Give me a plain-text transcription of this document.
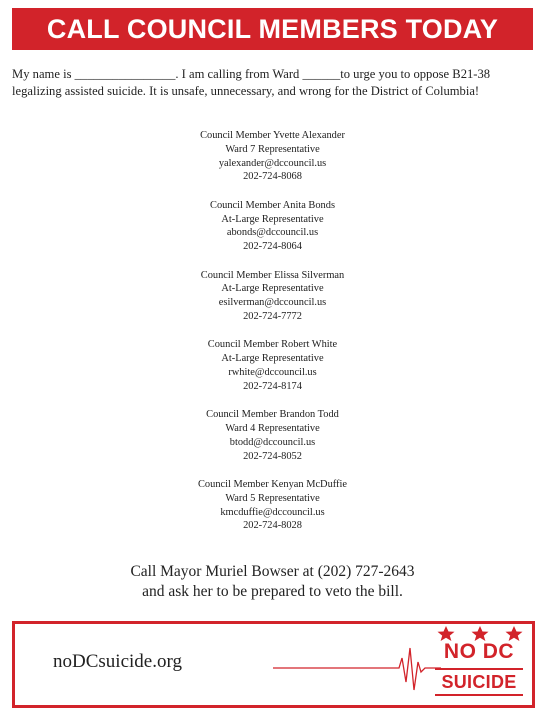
CALL COUNCIL MEMBERS TODAY
My name is ________________. I am calling from Ward ______to urge you to oppose B21-38
legalizing assisted suicide. It is unsafe, unnecessary, and wrong for the District of Columbia!
Council Member Yvette Alexander
Ward 7 Representative
yalexander@dccouncil.us
202-724-8068
Council Member Anita Bonds
At-Large Representative
abonds@dccouncil.us
202-724-8064
Council Member Elissa Silverman
At-Large Representative
esilverman@dccouncil.us
202-724-7772
Council Member Robert White
At-Large Representative
rwhite@dccouncil.us
202-724-8174
Council Member Brandon Todd
Ward 4 Representative
btodd@dccouncil.us
202-724-8052
Council Member Kenyan McDuffie
Ward 5 Representative
kmcduffie@dccouncil.us
202-724-8028
Call Mayor Muriel Bowser at (202) 727-2643
and ask her to be prepared to veto the bill.
noDCsuicide.org	NO DC
SUICIDE
